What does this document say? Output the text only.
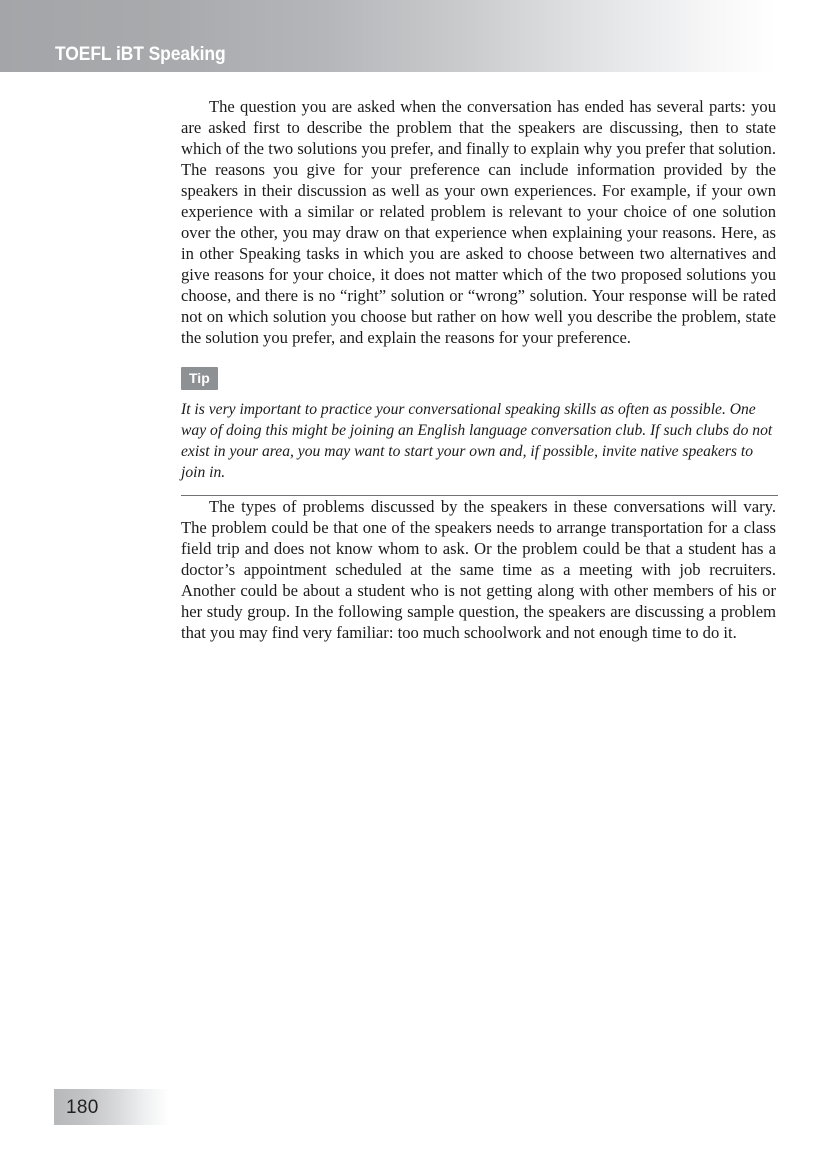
TOEFL iBT Speaking

The question you are asked when the conversation has ended has several parts: you are asked first to describe the problem that the speakers are discussing, then to state which of the two solutions you prefer, and finally to explain why you prefer that solution. The reasons you give for your preference can include information provided by the speakers in their discussion as well as your own experiences. For example, if your own experience with a similar or related problem is relevant to your choice of one solution over the other, you may draw on that experience when explaining your reasons. Here, as in other Speaking tasks in which you are asked to choose between two alternatives and give reasons for your choice, it does not matter which of the two proposed solutions you choose, and there is no “right” solution or “wrong” solution. Your response will be rated not on which solution you choose but rather on how well you describe the problem, state the solution you prefer, and explain the reasons for your preference.

Tip

It is very important to practice your conversational speaking skills as often as possible. One way of doing this might be joining an English language conversation club. If such clubs do not exist in your area, you may want to start your own and, if possible, invite native speakers to join in.

The types of problems discussed by the speakers in these conversations will vary. The problem could be that one of the speakers needs to arrange transportation for a class field trip and does not know whom to ask. Or the problem could be that a student has a doctor’s appointment scheduled at the same time as a meeting with job recruiters. Another could be about a student who is not getting along with other members of his or her study group. In the following sample question, the speakers are discussing a problem that you may find very familiar: too much schoolwork and not enough time to do it.

180
